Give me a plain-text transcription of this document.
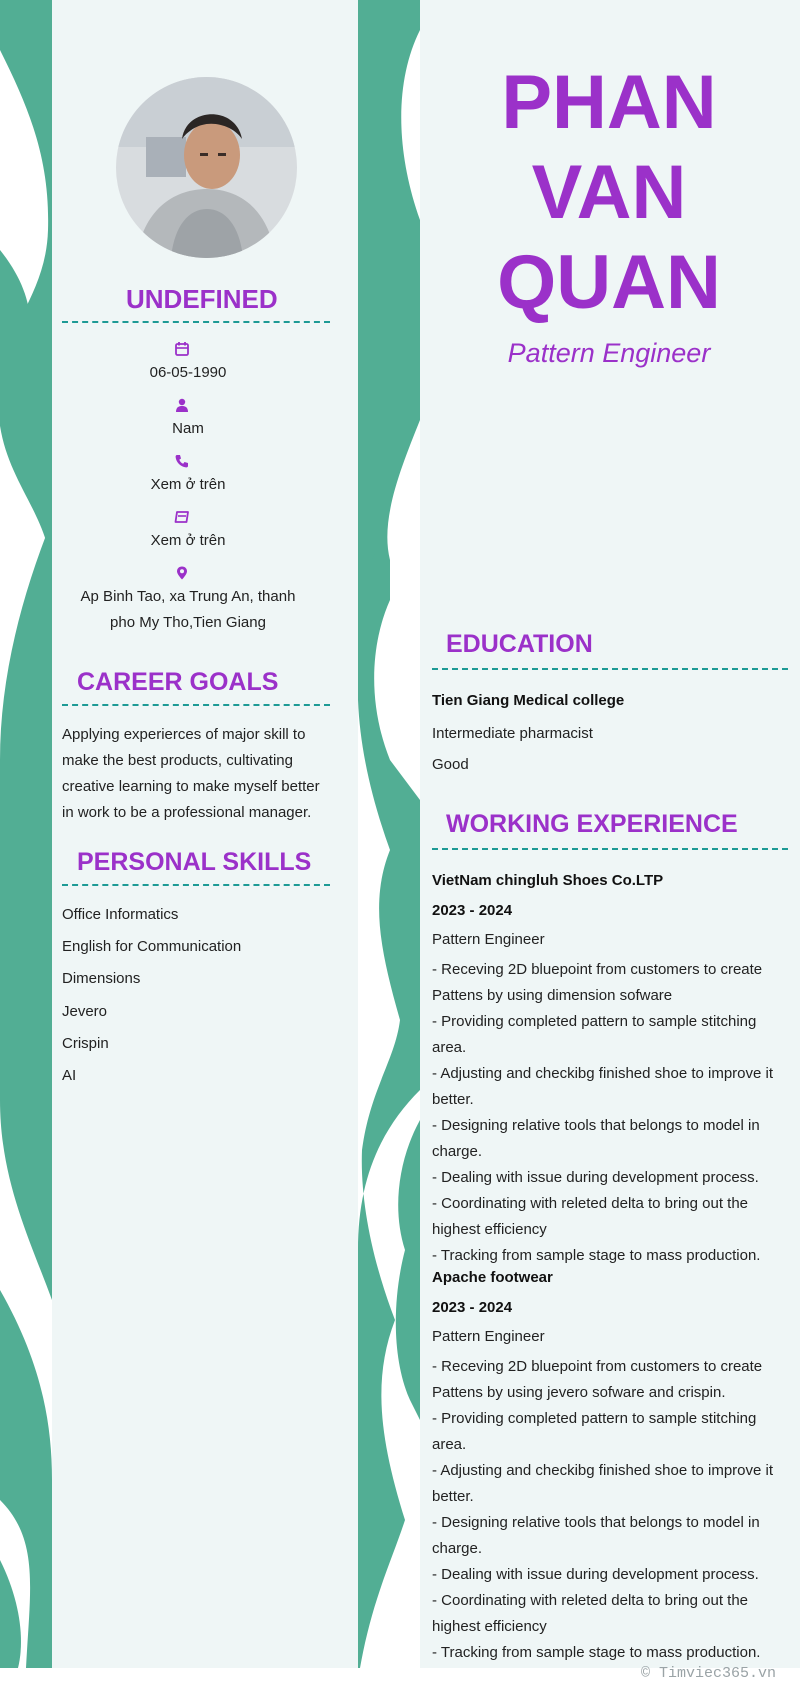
UNDEFINED
06-05-1990
Nam
Xem ở trên
Xem ở trên
Ap Binh Tao, xa Trung An, thanh pho My Tho,Tien Giang
CAREER GOALS

Applying experierces of major skill to make the best products, cultivating creative learning to make myself better in work to be a professional manager.

PERSONAL SKILLS
Office Informatics
English for Communication
Dimensions
Jevero
Crispin
AI
PHAN
VAN
QUAN
Pattern Engineer
EDUCATION
Tien Giang Medical college
Intermediate pharmacist
Good
WORKING EXPERIENCE
VietNam chingluh Shoes Co.LTP
2023 - 2024
Pattern Engineer
- Receving 2D bluepoint from customers to create Pattens by using dimension sofware
- Providing completed pattern to sample stitching area.
- Adjusting and checkibg finished shoe to improve it better.
- Designing relative tools that belongs to model in charge.
- Dealing with issue during development process.
- Coordinating with releted delta to bring out the highest efficiency
- Tracking from sample stage to mass production.
Apache footwear
2023 - 2024
Pattern Engineer
- Receving 2D bluepoint from customers to create Pattens by using jevero sofware and crispin.
- Providing completed pattern to sample stitching area.
- Adjusting and checkibg finished shoe to improve it better.
- Designing relative tools that belongs to model in charge.
- Dealing with issue during development process.
- Coordinating with releted delta to bring out the highest efficiency
- Tracking from sample stage to mass production.
© Timviec365.vn
